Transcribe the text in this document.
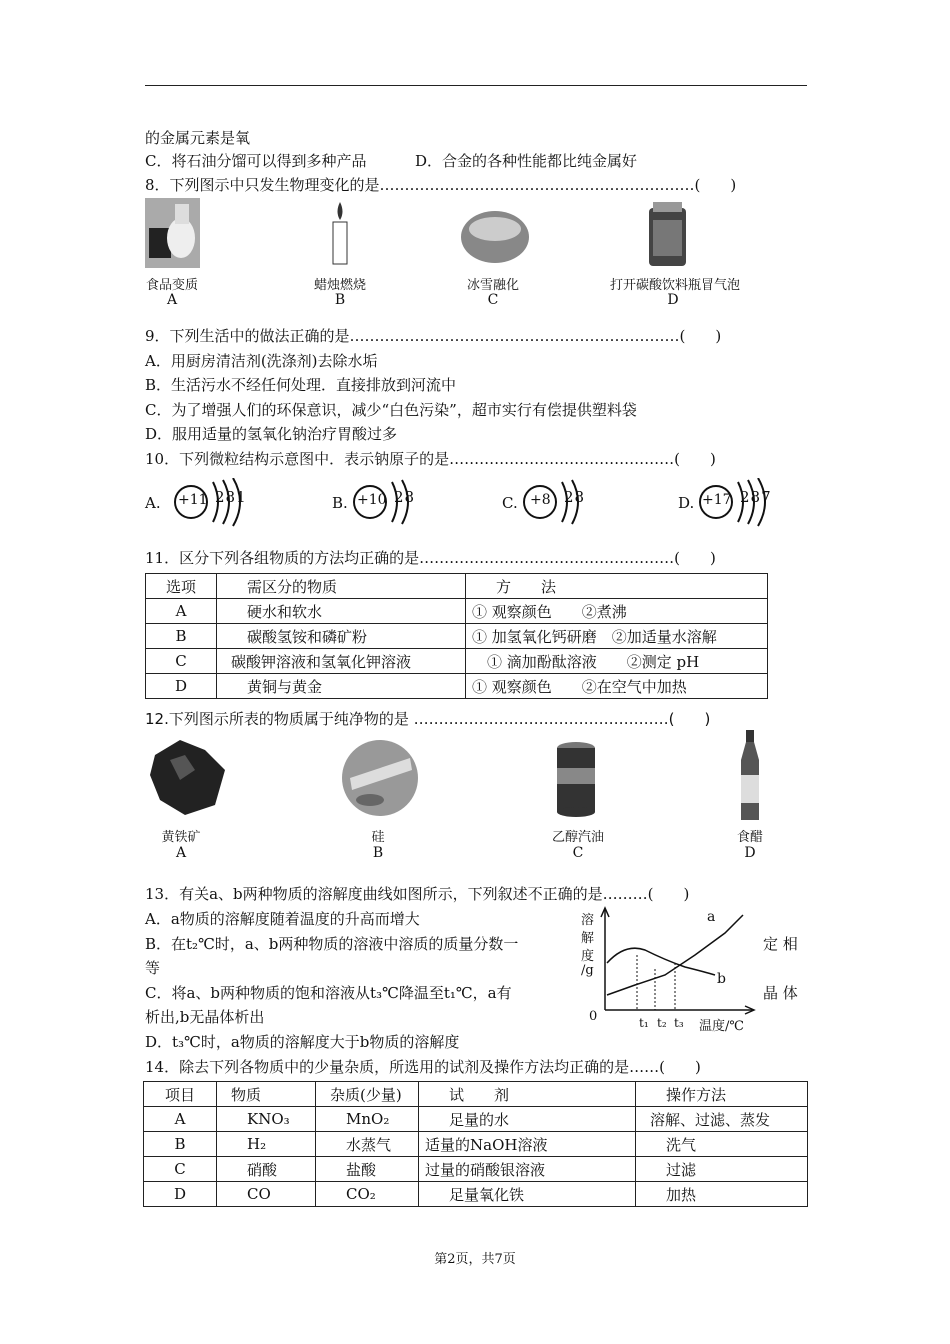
的金属元素是氧
C．将石油分馏可以得到多种产品	D．合金的各种性能都比纯金属好
8．下列图示中只发生物理变化的是………………………………………………………(　　)
食品变质
A
蜡烛燃烧
B
冰雪融化
C
打开碳酸饮料瓶冒气泡
D
9．下列生活中的做法正确的是…………………………………………………………(　　)
A．用厨房清洁剂(洗涤剂)去除水垢
B．生活污水不经任何处理．直接排放到河流中
C．为了增强人们的环保意识，减少“白色污染”，超市实行有偿提供塑料袋
D．服用适量的氢氧化钠治疗胃酸过多
10．下列微粒结构示意图中．表示钠原子的是………………………………………(　　)
A. +11 281	B. +10 28	C. +8 28	D. +17 287
11．区分下列各组物质的方法均正确的是……………………………………………(　　)
选项	需区分的物质	方　　法
A	硬水和软水	① 观察颜色　　②煮沸
B	碳酸氢铵和磷矿粉	① 加氢氧化钙研磨　②加适量水溶解
C	碳酸钾溶液和氢氧化钾溶液	　① 滴加酚酞溶液　　②测定 pH
D	黄铜与黄金	① 观察颜色　　②在空气中加热
12.下列图示所表的物质属于纯净物的是 ……………………………………………(　　)
黄铁矿
A
硅
B
乙醇汽油
C
食醋
D
13．有关a、b两种物质的溶解度曲线如图所示，下列叙述不正确的是………(　　)
A．a物质的溶解度随着温度的升高而增大
B．在t₂℃时，a、b两种物质的溶液中溶质的质量分数一	定 相
等
C．将a、b两种物质的饱和溶液从t₃℃降温至t₁℃，a有	晶 体
析出,b无晶体析出
D．t₃℃时，a物质的溶解度大于b物质的溶解度
溶
解
度
/g
0
a
b
t₁ t₂ t₃ 温度/℃
14．除去下列各物质中的少量杂质，所选用的试剂及操作方法均正确的是……(　　)
项目	物质	杂质(少量)	试　　剂	操作方法
A	KNO₃	MnO₂	足量的水	溶解、过滤、蒸发
B	H₂	水蒸气	适量的NaOH溶液	洗气
C	硝酸	盐酸	过量的硝酸银溶液	过滤
D	CO	CO₂	足量氧化铁	加热
第2页，共7页
